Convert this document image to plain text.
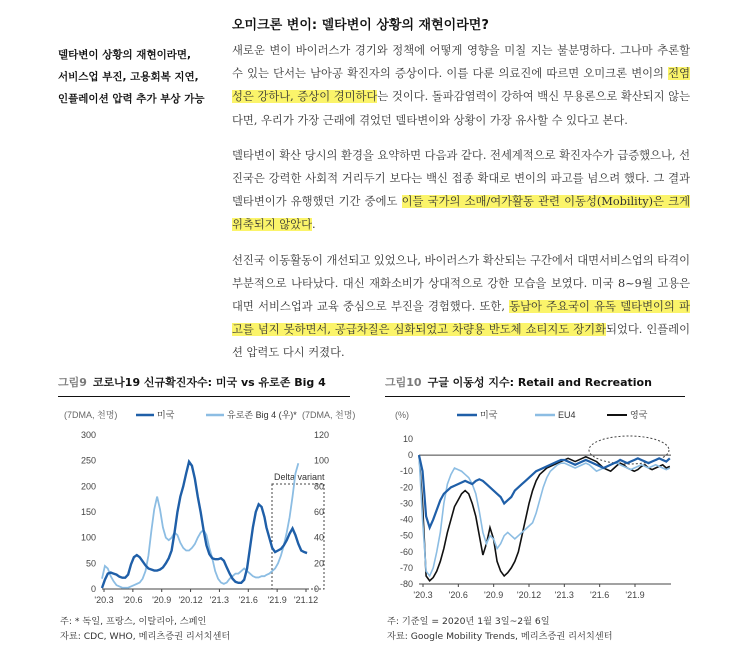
델타변이 상황의 재현이라면,
서비스업 부진, 고용회복 지연,
인플레이션 압력 추가 부상 가능
오미크론 변이: 델타변이 상황의 재현이라면?

새로운 변이 바이러스가 경기와 정책에 어떻게 영향을 미칠 지는 불분명하다. 그나마 추론할 수 있는 단서는 남아공 확진자의 증상이다. 이를 다룬 의료진에 따르면 오미크론 변이의 전염성은 강하나, 증상이 경미하다는 것이다. 돌파감염력이 강하여 백신 무용론으로 확산되지 않는다면, 우리가 가장 근래에 겪었던 델타변이와 상황이 가장 유사할 수 있다고 본다.

델타변이 확산 당시의 환경을 요약하면 다음과 같다. 전세계적으로 확진자수가 급증했으나, 선진국은 강력한 사회적 거리두기 보다는 백신 접종 확대로 변이의 파고를 넘으려 했다. 그 결과 델타변이가 유행했던 기간 중에도 이들 국가의 소매/여가활동 관련 이동성(Mobility)은 크게 위축되지 않았다.

선진국 이동활동이 개선되고 있었으나, 바이러스가 확산되는 구간에서 대면서비스업의 타격이 부분적으로 나타났다. 대신 재화소비가 상대적으로 강한 모습을 보였다. 미국 8~9월 고용은 대면 서비스업과 교육 중심으로 부진을 경험했다. 또한, 동남아 주요국이 유독 델타변이의 파고를 넘지 못하면서, 공급차질은 심화되었고 차량용 반도체 쇼티지도 장기화되었다. 인플레이션 압력도 다시 커졌다.

그림9 코로나19 신규확진자수: 미국 vs 유로존 Big 4
(7DMA, 천명)	(7DMA, 천명)
미국	유로존 Big 4 (우)*
0
50
100
150
200
250
300
0
20
40
60
80
100
120
'20.3 '20.6 '20.9 '20.12 '21.3 '21.6 '21.9 '21.12
Delta variant
주: * 독일, 프랑스, 이탈리아, 스페인
자료: CDC, WHO, 메리츠증권 리서치센터
그림10 구글 이동성 지수: Retail and Recreation
(%)	미국	EU4	영국
10
0
-10
-20
-30
-40
-50
-60
-70
-80
'20.3 '20.6 '20.9 '20.12 '21.3 '21.6 '21.9
주: 기준일 = 2020년 1월 3일~2월 6일
자료: Google Mobility Trends, 메리츠증권 리서치센터
